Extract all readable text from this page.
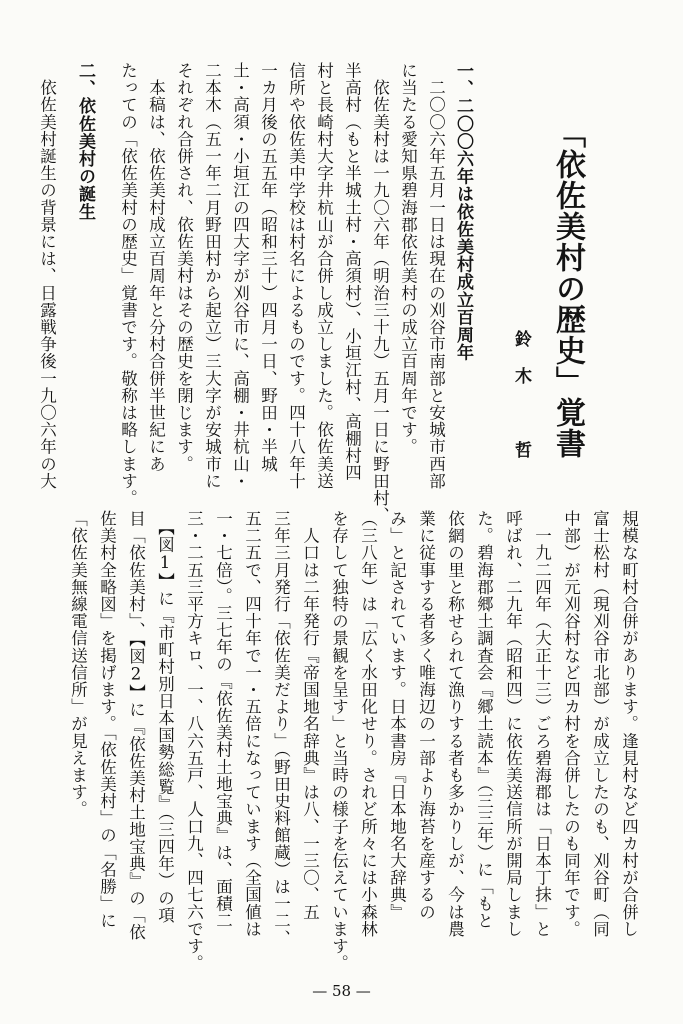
「依佐美村の歴史」覚書
鈴木　哲
一、二〇〇六年は依佐美村成立百周年
　二〇〇六年五月一日は現在の刈谷市南部と安城市西部
に当たる愛知県碧海郡依佐美村の成立百周年です。
　依佐美村は一九〇六年（明治三十九）五月一日に野田村、
半高村（もと半城土村・高須村）、小垣江村、高棚村四
村と長崎村大字井杭山が合併し成立しました。依佐美送
信所や依佐美中学校は村名によるものです。四十八年十
一カ月後の五五年（昭和三十）四月一日、野田・半城
土・高須・小垣江の四大字が刈谷市に、高棚・井杭山・
二本木（五一年二月野田村から起立）三大字が安城市に
それぞれ合併され、依佐美村はその歴史を閉じます。
　本稿は、依佐美村成立百周年と分村合併半世紀にあ
たっての「依佐美村の歴史」覚書です。敬称は略します。
二、依佐美村の誕生
　依佐美村誕生の背景には、日露戦争後一九〇六年の大
規模な町村合併があります。逢見村など四カ村が合併し
富士松村（現刈谷市北部）が成立したのも、刈谷町（同
中部）が元刈谷村など四カ村を合併したのも同年です。
　一九二四年（大正十三）ごろ碧海郡は「日本丁抹」と
呼ばれ、二九年（昭和四）に依佐美送信所が開局しまし
た。碧海郡郷土調査会『郷土読本』（三三年）に「もと
依網の里と称せられて漁りする者も多かりしが、今は農
業に従事する者多く唯海辺の一部より海苔を産するの
み」と記されています。日本書房『日本地名大辞典』
（三八年）は「広く水田化せり。されど所々には小森林
を存して独特の景観を呈す」と当時の様子を伝えています。
　人口は二年発行『帝国地名辞典』は八、一三〇、五
三年三月発行「依佐美だより」（野田史料館蔵）は一二、
五二五で、四十年で一・五倍になっています（全国値は
一・七倍）。三七年の『依佐美村土地宝典』は、面積二
三・二五三平方キロ、一、八六五戸、人口九、四七六です。
　【図1】に『市町村別日本国勢総覧』（三四年）の項
目「依佐美村」、【図2】に『依佐美村土地宝典』の「依
佐美村全略図」を掲げます。「依佐美村」の「名勝」に
「依佐美無線電信送信所」が見えます。
— 58 —
